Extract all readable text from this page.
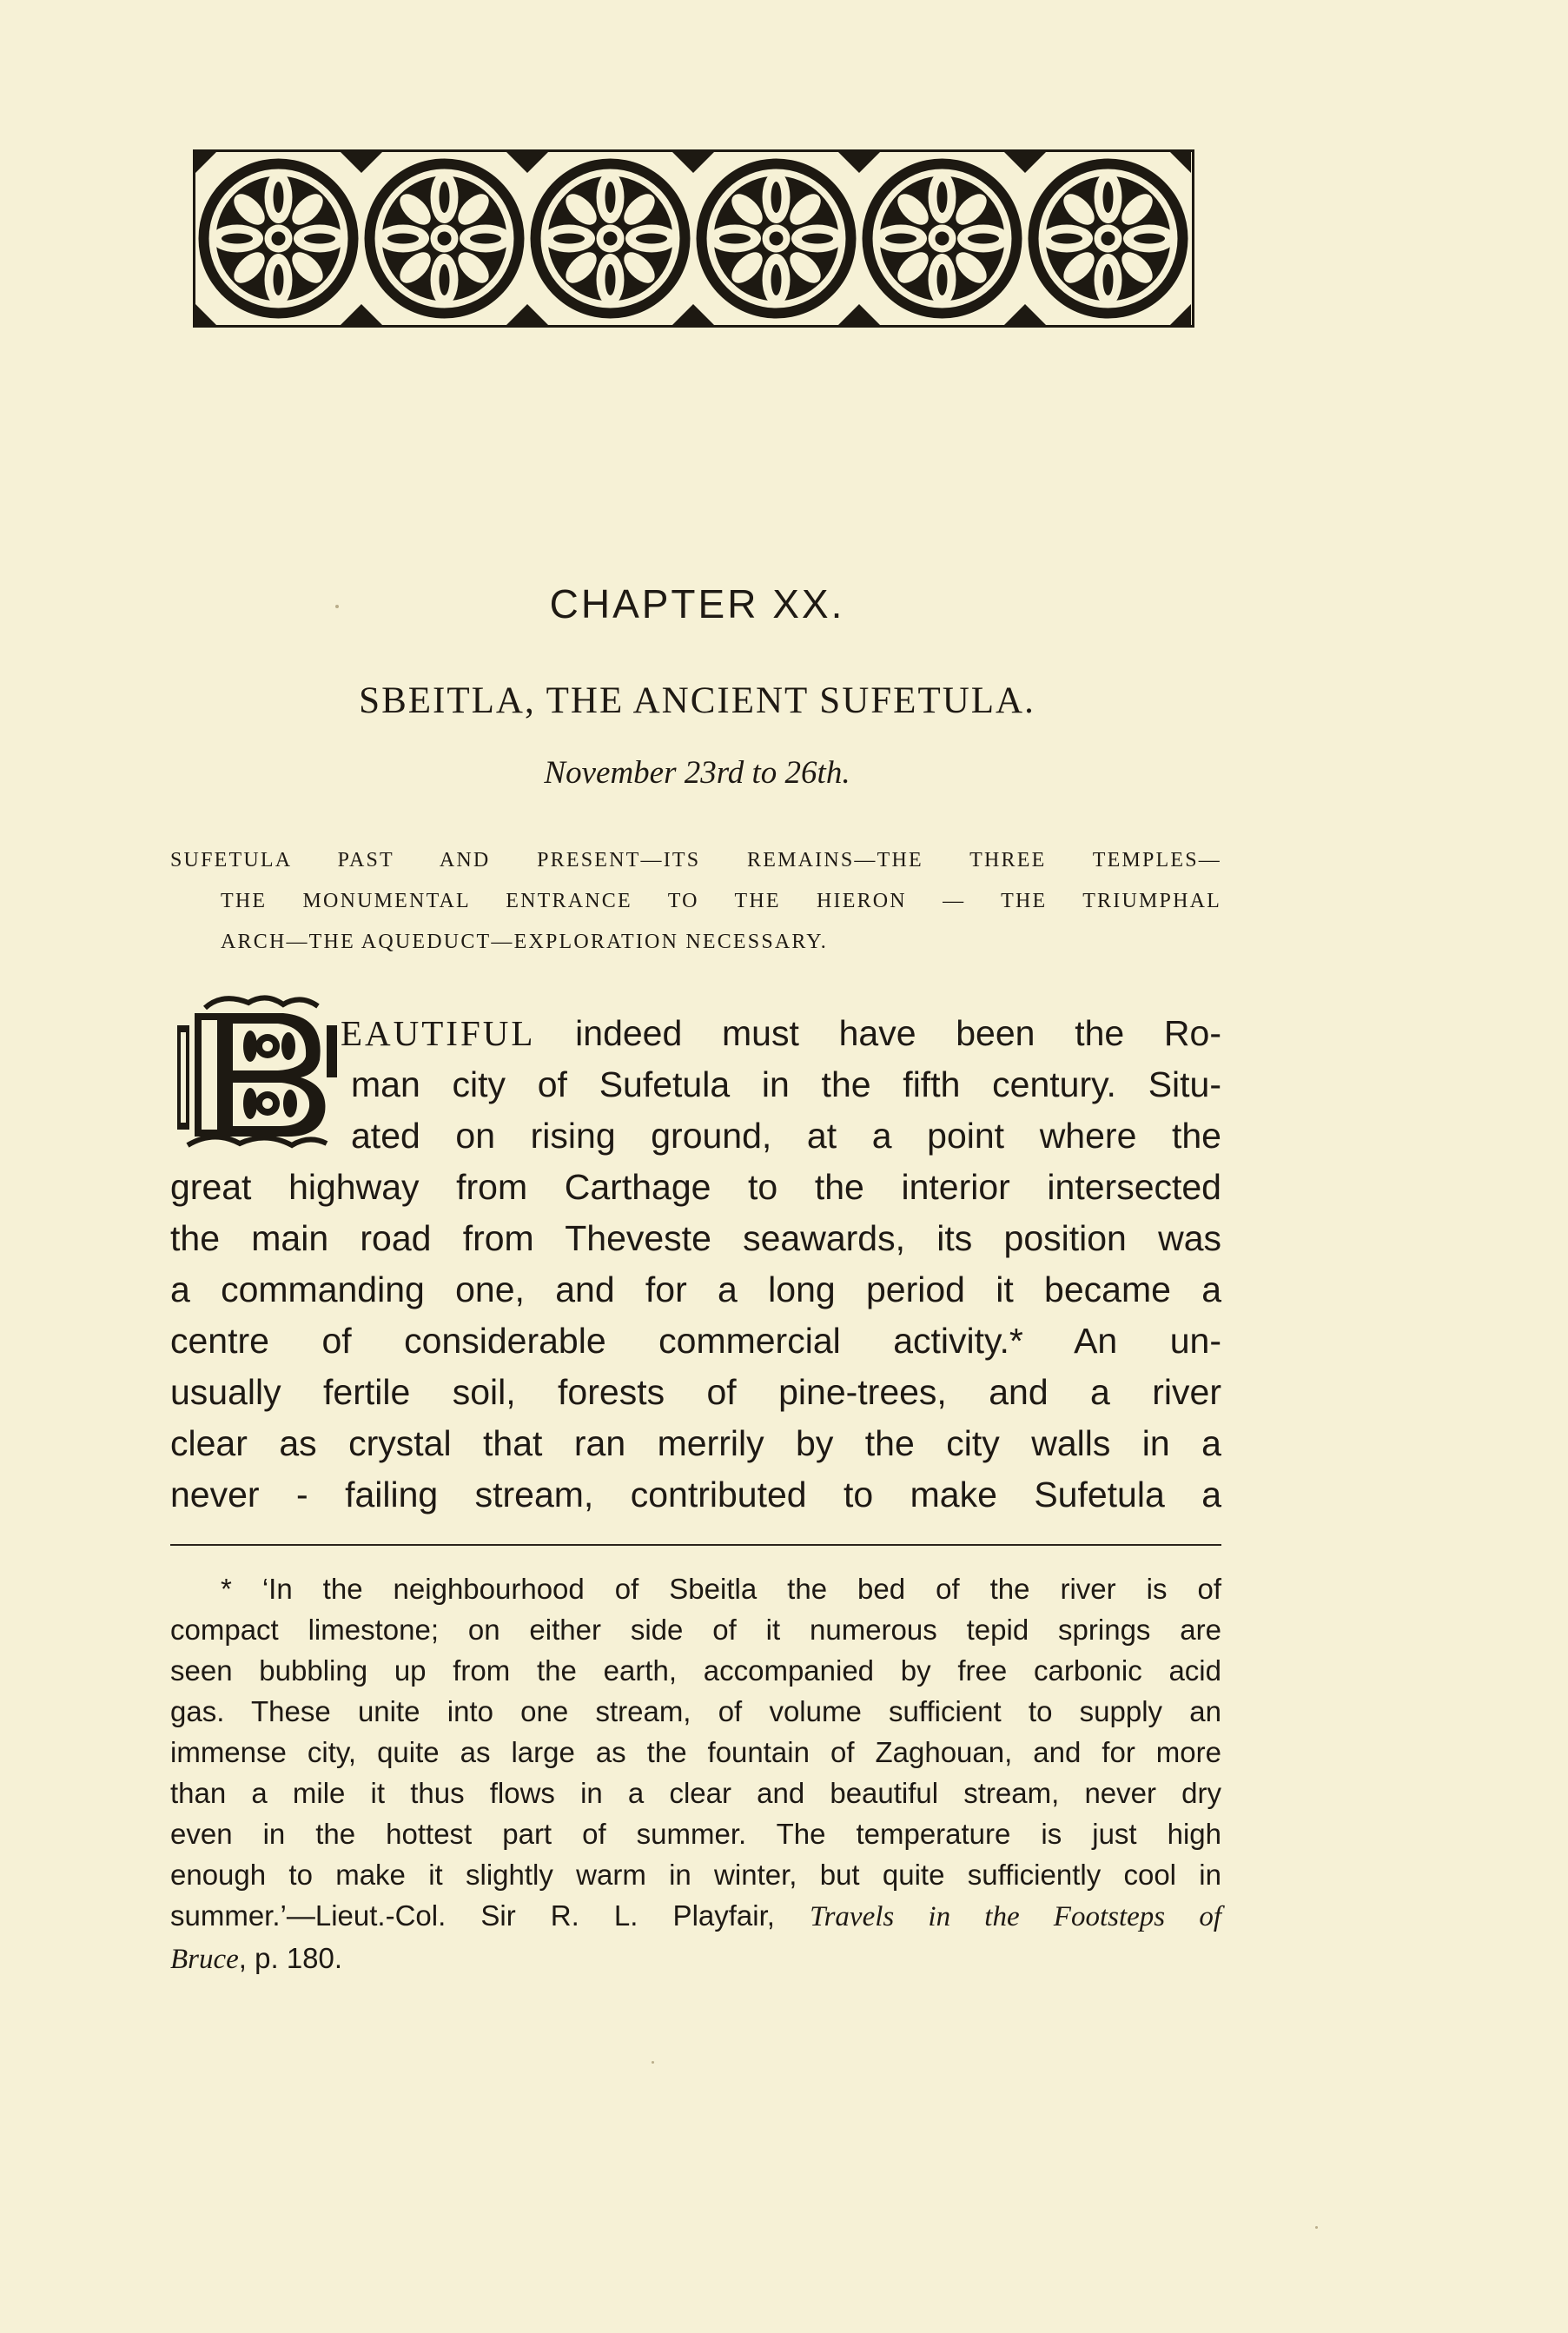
CHAPTER XX.
SBEITLA, THE ANCIENT SUFETULA.
November 23rd to 26th.
SUFETULA PAST AND PRESENT—ITS REMAINS—THE THREE TEMPLES—
THE MONUMENTAL ENTRANCE TO THE HIERON — THE TRIUMPHAL
ARCH—THE AQUEDUCT—EXPLORATION NECESSARY.
EAUTIFUL indeed must have been the Ro-
man city of Sufetula in the fifth century. Situ-
ated on rising ground, at a point where the
great highway from Carthage to the interior intersected
the main road from Theveste seawards, its position was
a commanding one, and for a long period it became a
centre of considerable commercial activity.* An un-
usually fertile soil, forests of pine-trees, and a river
clear as crystal that ran merrily by the city walls in a
never - failing stream, contributed to make Sufetula a
* ‘In the neighbourhood of Sbeitla the bed of the river is of
compact limestone; on either side of it numerous tepid springs are
seen bubbling up from the earth, accompanied by free carbonic acid
gas. These unite into one stream, of volume sufficient to supply an
immense city, quite as large as the fountain of Zaghouan, and for more
than a mile it thus flows in a clear and beautiful stream, never dry
even in the hottest part of summer. The temperature is just high
enough to make it slightly warm in winter, but quite sufficiently cool in
summer.’—Lieut.-Col. Sir R. L. Playfair, Travels in the Footsteps of
Bruce, p. 180.
